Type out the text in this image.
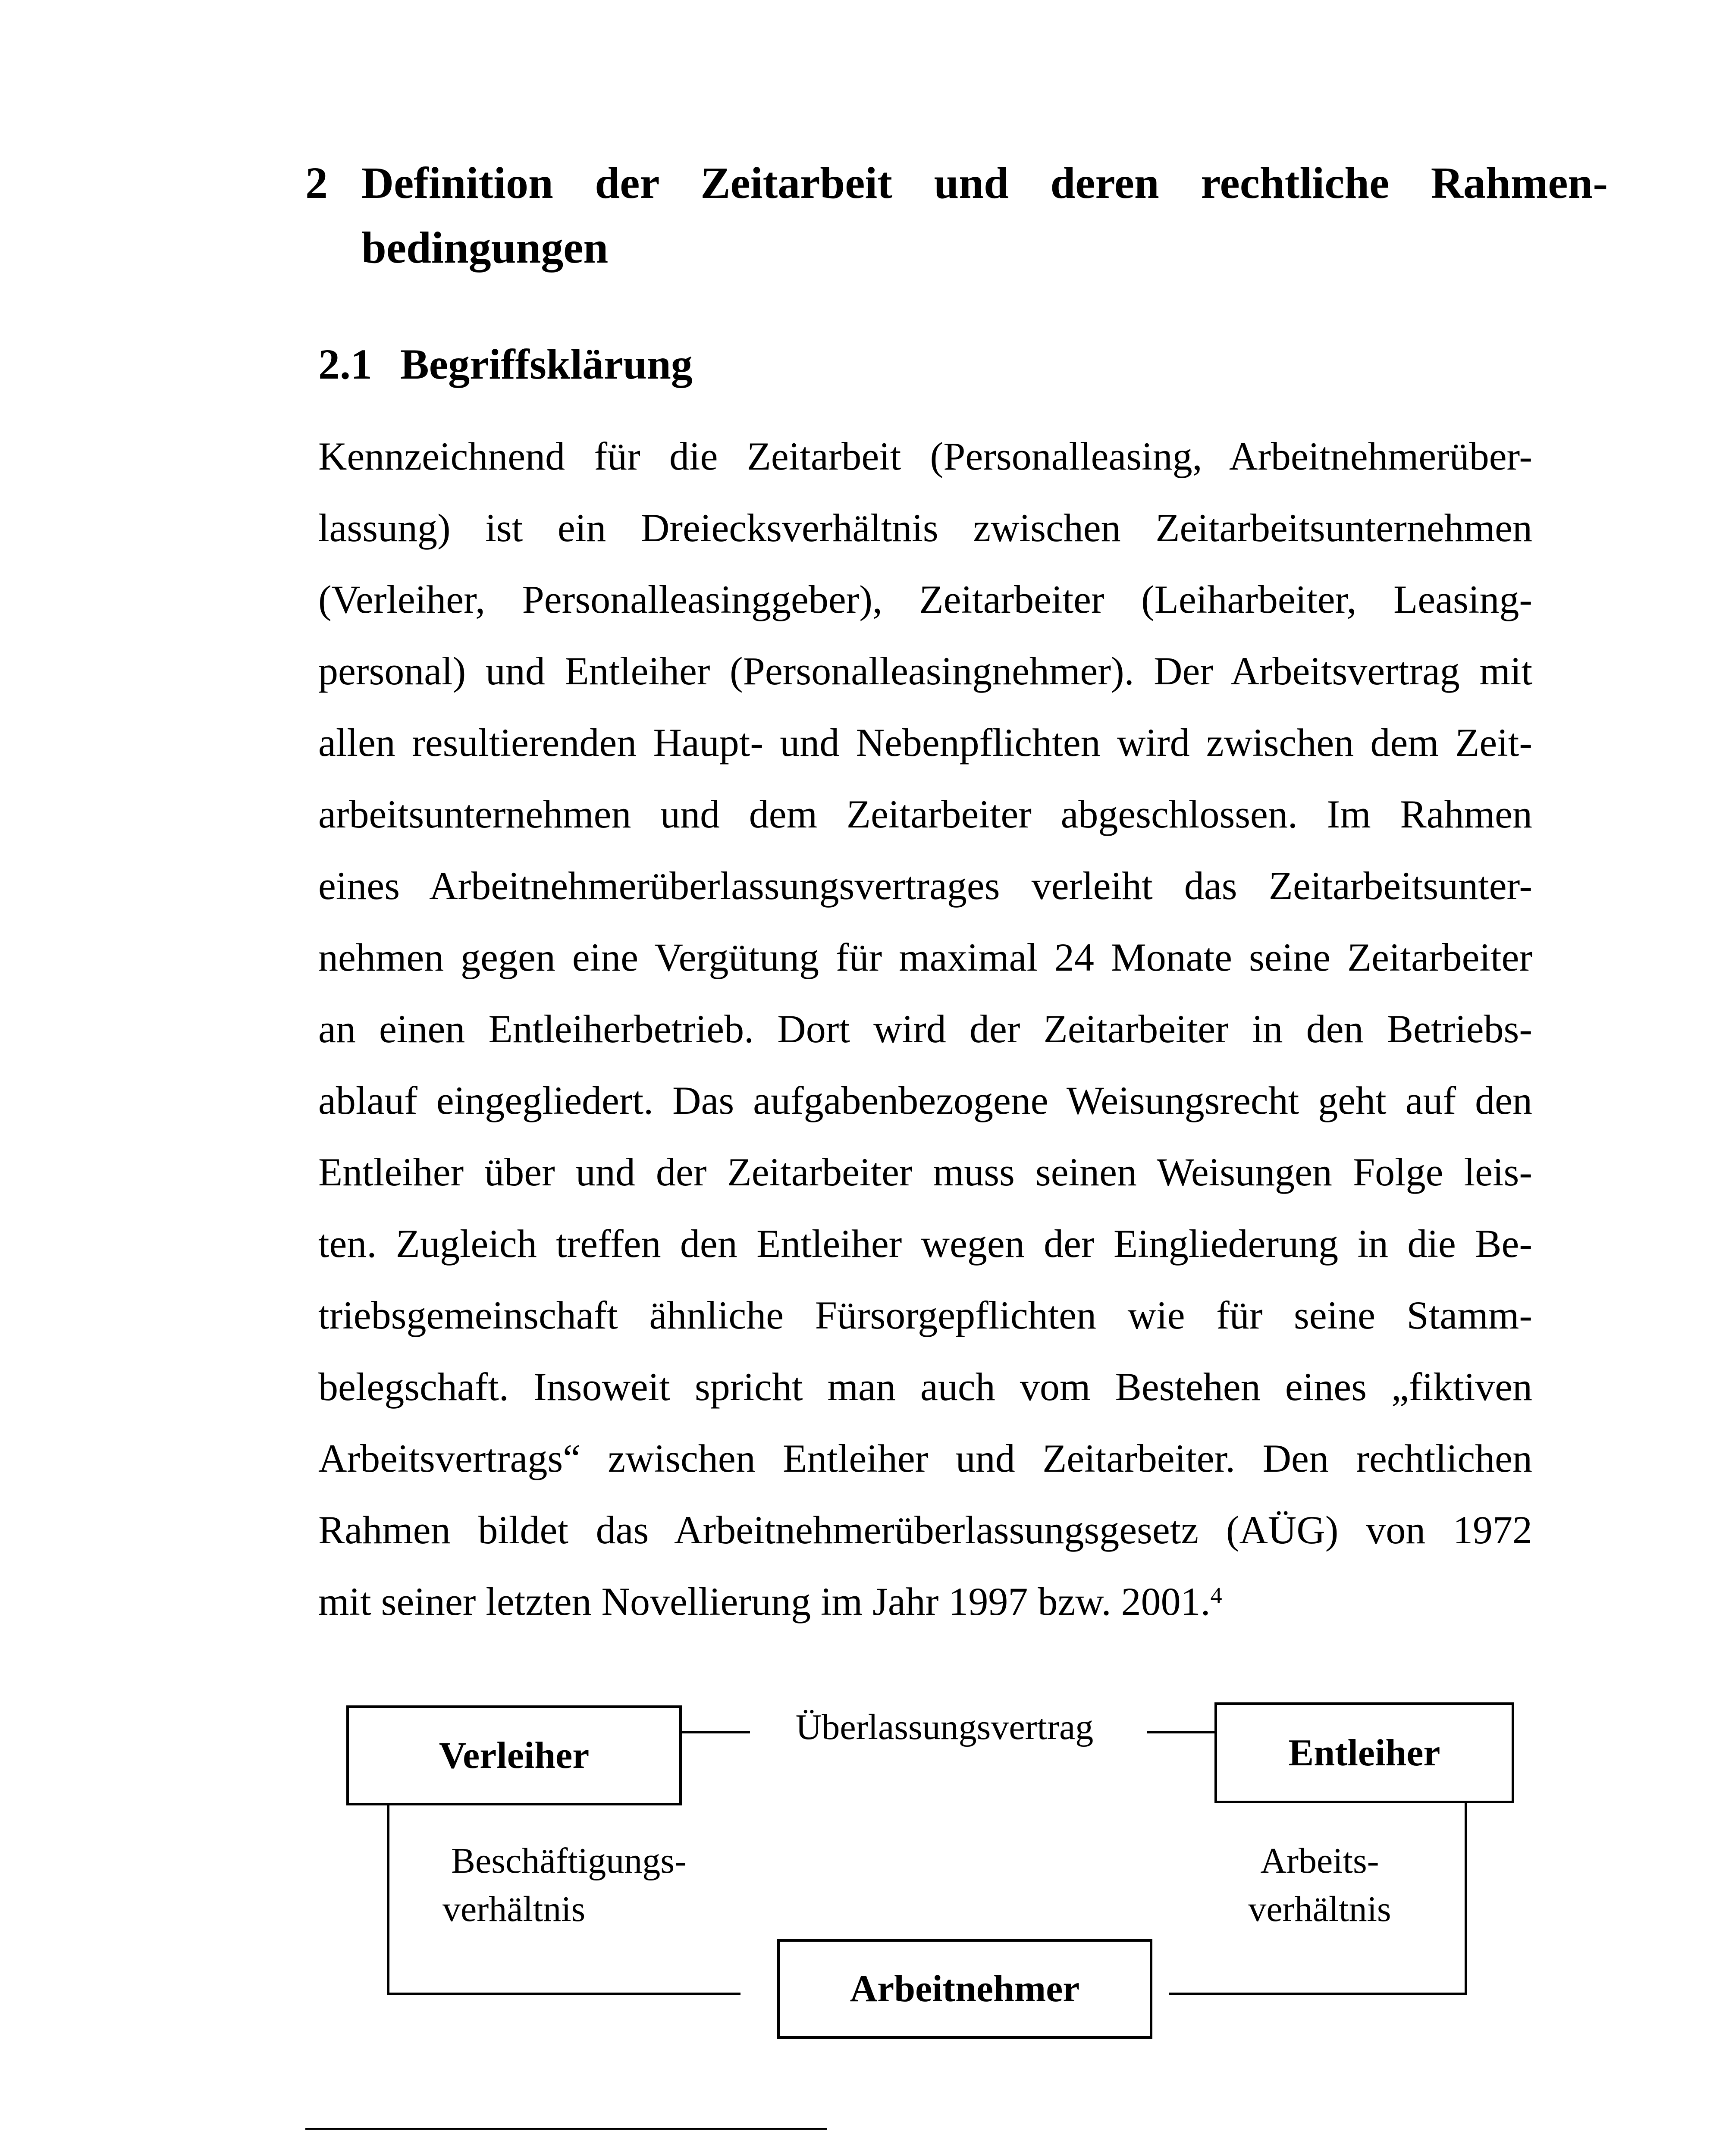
2 Definition der Zeitarbeit und deren rechtliche Rahmen-
bedingungen
2.1 Begriffsklärung
Kennzeichnend für die Zeitarbeit (Personalleasing, Arbeitnehmerüber-
lassung) ist ein Dreiecksverhältnis zwischen Zeitarbeitsunternehmen
(Verleiher, Personalleasinggeber), Zeitarbeiter (Leiharbeiter, Leasing-
personal) und Entleiher (Personalleasingnehmer). Der Arbeitsvertrag mit
allen resultierenden Haupt- und Nebenpflichten wird zwischen dem Zeit-
arbeitsunternehmen und dem Zeitarbeiter abgeschlossen. Im Rahmen
eines Arbeitnehmerüberlassungsvertrages verleiht das Zeitarbeitsunter-
nehmen gegen eine Vergütung für maximal 24 Monate seine Zeitarbeiter
an einen Entleiherbetrieb. Dort wird der Zeitarbeiter in den Betriebs-
ablauf eingegliedert. Das aufgabenbezogene Weisungsrecht geht auf den
Entleiher über und der Zeitarbeiter muss seinen Weisungen Folge leis-
ten. Zugleich treffen den Entleiher wegen der Eingliederung in die Be-
triebsgemeinschaft ähnliche Fürsorgepflichten wie für seine Stamm-
belegschaft. Insoweit spricht man auch vom Bestehen eines „fiktiven
Arbeitsvertrags“ zwischen Entleiher und Zeitarbeiter. Den rechtlichen
Rahmen bildet das Arbeitnehmerüberlassungsgesetz (AÜG) von 1972
mit seiner letzten Novellierung im Jahr 1997 bzw. 2001.$^4$
Verleiher	Entleiher
Arbeitnehmer
Überlassungsvertrag
Beschäftigungs-
verhältnis
Arbeits-
verhältnis
